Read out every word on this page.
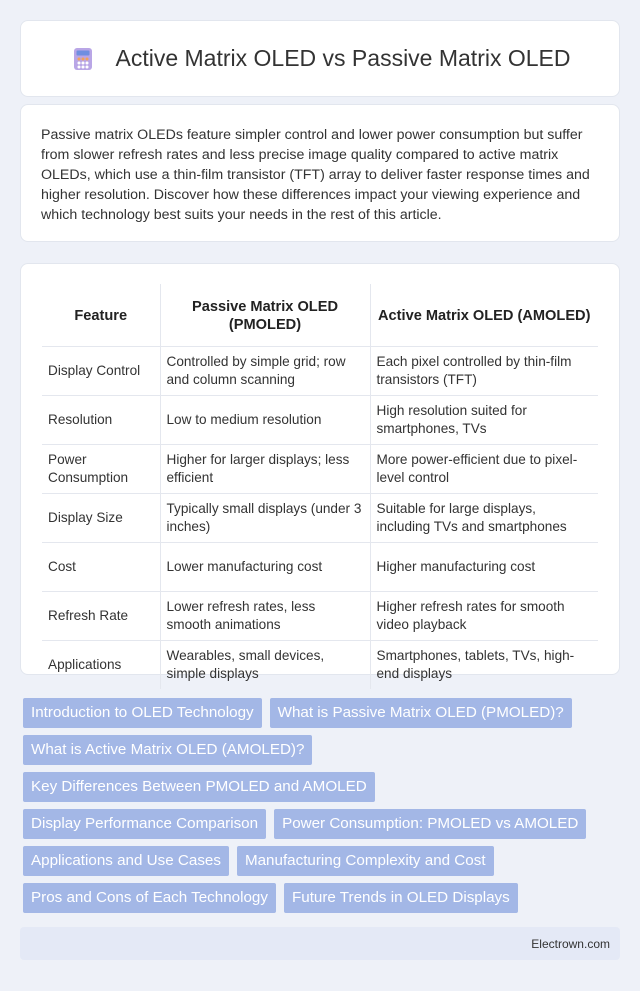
Active Matrix OLED vs Passive Matrix OLED

Passive matrix OLEDs feature simpler control and lower power consumption but suffer from slower refresh rates and less precise image quality compared to active matrix OLEDs, which use a thin-film transistor (TFT) array to deliver faster response times and higher resolution. Discover how these differences impact your viewing experience and which technology best suits your needs in the rest of this article.

Feature	Passive Matrix OLED (PMOLED)	Active Matrix OLED (AMOLED)
Display Control	Controlled by simple grid; row and column scanning	Each pixel controlled by thin-film transistors (TFT)
Resolution	Low to medium resolution	High resolution suited for smartphones, TVs
Power Consumption	Higher for larger displays; less efficient	More power-efficient due to pixel-level control
Display Size	Typically small displays (under 3 inches)	Suitable for large displays, including TVs and smartphones
Cost	Lower manufacturing cost	Higher manufacturing cost
Refresh Rate	Lower refresh rates, less smooth animations	Higher refresh rates for smooth video playback
Applications	Wearables, small devices, simple displays	Smartphones, tablets, TVs, high-end displays
Introduction to OLED Technology	What is Passive Matrix OLED (PMOLED)?
What is Active Matrix OLED (AMOLED)?
Key Differences Between PMOLED and AMOLED
Display Performance Comparison	Power Consumption: PMOLED vs AMOLED
Applications and Use Cases	Manufacturing Complexity and Cost
Pros and Cons of Each Technology	Future Trends in OLED Displays
Electrown.com
